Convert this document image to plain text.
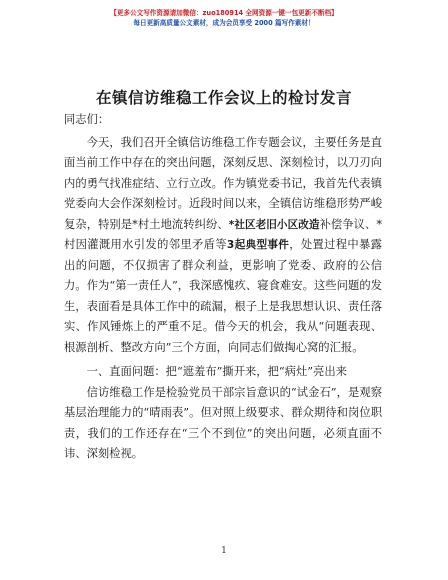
【更多公文写作资源请加微信：zuo180914 全网资源一键一包更新不断档】
每日更新高质量公文素材，成为会员享受 2000 篇写作素材！
在镇信访维稳工作会议上的检讨发言

同志们：

今天，我们召开全镇信访维稳工作专题会议，主要任务是直面当前工作中存在的突出问题，深刻反思、深刻检讨，以刀刃向内的勇气找准症结、立行立改。作为镇党委书记，我首先代表镇党委向大会作深刻检讨。近段时间以来，全镇信访维稳形势严峻复杂，特别是*村土地流转纠纷、*社区老旧小区改造补偿争议、*村因灌溉用水引发的邻里矛盾等3起典型事件，处置过程中暴露出的问题，不仅损害了群众利益，更影响了党委、政府的公信力。作为“第一责任人”，我深感愧疚、寝食难安。这些问题的发生，表面看是具体工作中的疏漏，根子上是我思想认识、责任落实、作风锤炼上的严重不足。借今天的机会，我从“问题表现、根源剖析、整改方向”三个方面，向同志们做掏心窝的汇报。

一、直面问题：把“遮羞布”撕开来，把“病灶”亮出来

信访维稳工作是检验党员干部宗旨意识的“试金石”，是观察基层治理能力的“晴雨表”。但对照上级要求、群众期待和岗位职责，我们的工作还存在“三个不到位”的突出问题，必须直面不讳、深刻检视。

1
